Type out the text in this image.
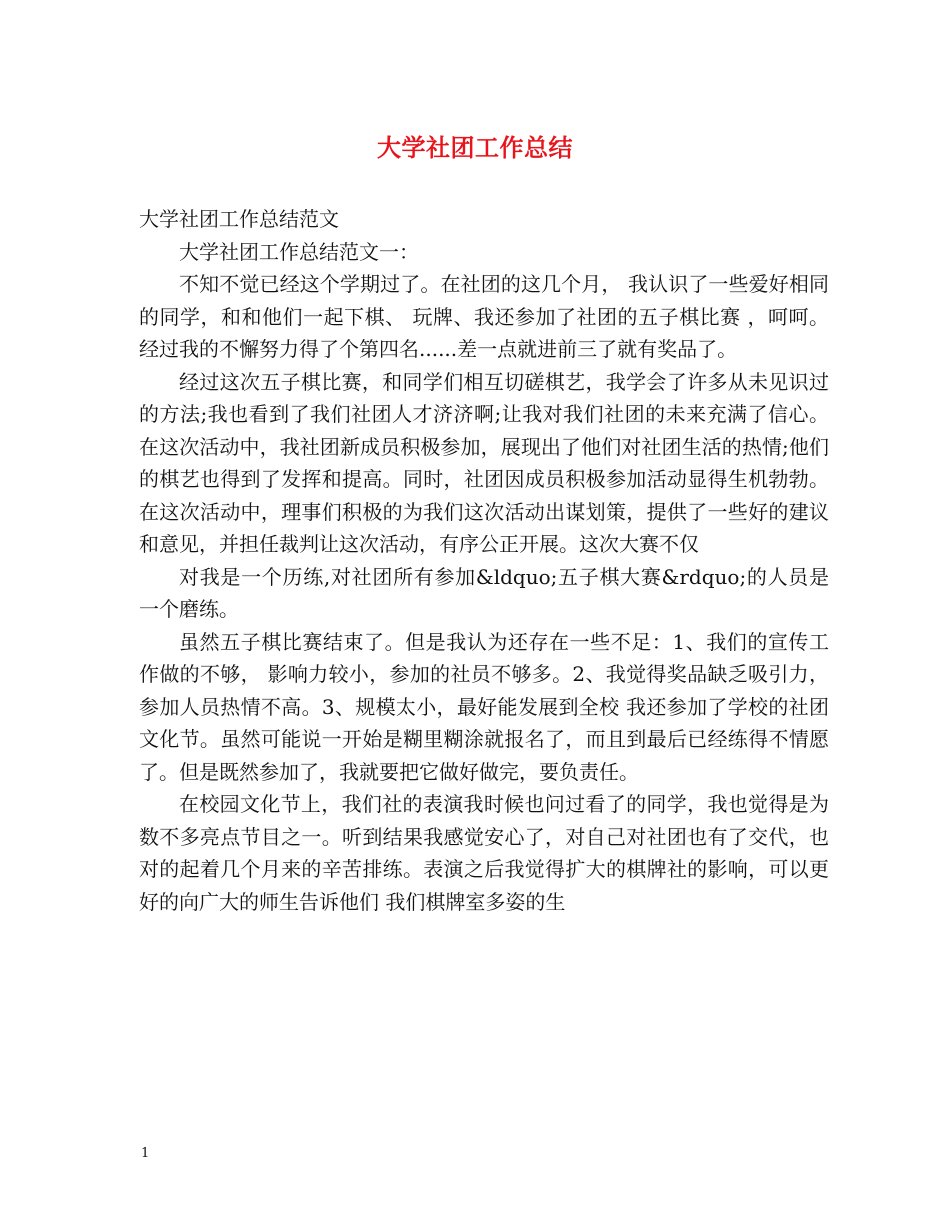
大学社团工作总结

大学社团工作总结范文

大学社团工作总结范文一：

不知不觉已经这个学期过了。在社团的这几个月， 我认识了一些爱好相同的同学，和和他们一起下棋、 玩牌、我还参加了社团的五子棋比赛 ，呵呵。经过我的不懈努力得了个第四名......差一点就进前三了就有奖品了。

经过这次五子棋比赛，和同学们相互切磋棋艺，我学会了许多从未见识过的方法;我也看到了我们社团人才济济啊;让我对我们社团的未来充满了信心。在这次活动中，我社团新成员积极参加，展现出了他们对社团生活的热情;他们的棋艺也得到了发挥和提高。同时，社团因成员积极参加活动显得生机勃勃。在这次活动中，理事们积极的为我们这次活动出谋划策，提供了一些好的建议和意见，并担任裁判让这次活动，有序公正开展。这次大赛不仅

对我是一个历练,对社团所有参加&ldquo;五子棋大赛&rdquo;的人员是一个磨练。

虽然五子棋比赛结束了。但是我认为还存在一些不足：1、我们的宣传工作做的不够， 影响力较小，参加的社员不够多。2、我觉得奖品缺乏吸引力，参加人员热情不高。3、规模太小，最好能发展到全校 我还参加了学校的社团文化节。虽然可能说一开始是糊里糊涂就报名了，而且到最后已经练得不情愿了。但是既然参加了，我就要把它做好做完，要负责任。

在校园文化节上，我们社的表演我时候也问过看了的同学，我也觉得是为数不多亮点节目之一。听到结果我感觉安心了，对自己对社团也有了交代，也对的起着几个月来的辛苦排练。表演之后我觉得扩大的棋牌社的影响，可以更好的向广大的师生告诉他们 我们棋牌室多姿的生

1
